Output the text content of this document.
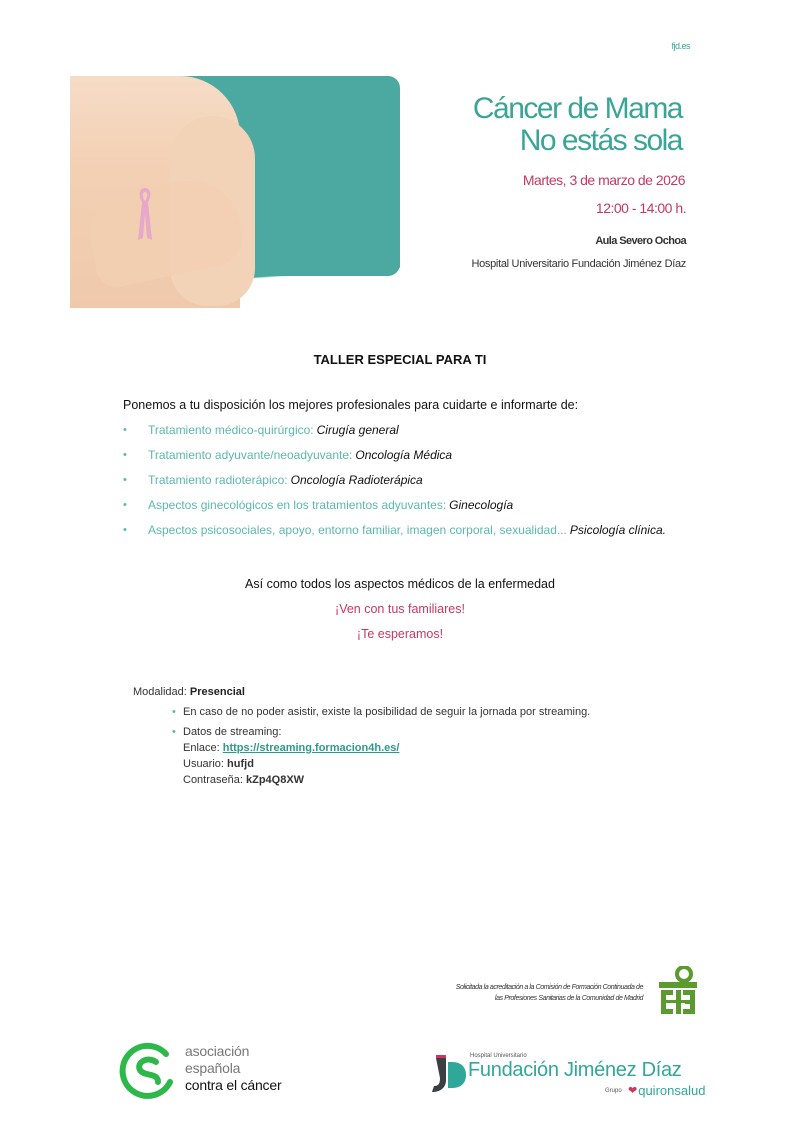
fjd.es
Cáncer de Mama
No estás sola
Martes, 3 de marzo de 2026
12:00 - 14:00 h.
Aula Severo Ochoa
Hospital Universitario Fundación Jiménez Díaz
TALLER ESPECIAL PARA TI
Ponemos a tu disposición los mejores profesionales para cuidarte e informarte de:
•	Tratamiento médico-quirúrgico: Cirugía general
•	Tratamiento adyuvante/neoadyuvante: Oncología Médica
•	Tratamiento radioterápico: Oncología Radioterápica
•	Aspectos ginecológicos en los tratamientos adyuvantes: Ginecología
•	Aspectos psicosociales, apoyo, entorno familiar, imagen corporal, sexualidad... Psicología clínica.
Así como todos los aspectos médicos de la enfermedad
¡Ven con tus familiares!
¡Te esperamos!
Modalidad: Presencial
• En caso de no poder asistir, existe la posibilidad de seguir la jornada por streaming.
• Datos de streaming:
Enlace: https://streaming.formacion4h.es/
Usuario: hufjd
Contraseña: kZp4Q8XW
Solicitada la acreditación a la Comisión de Formación Continuada de
las Profesiones Sanitarias de la Comunidad de Madrid
asociación
española
contra el cáncer
Hospital Universitario
Fundación Jiménez Díaz
Grupo ❤ quironsalud
